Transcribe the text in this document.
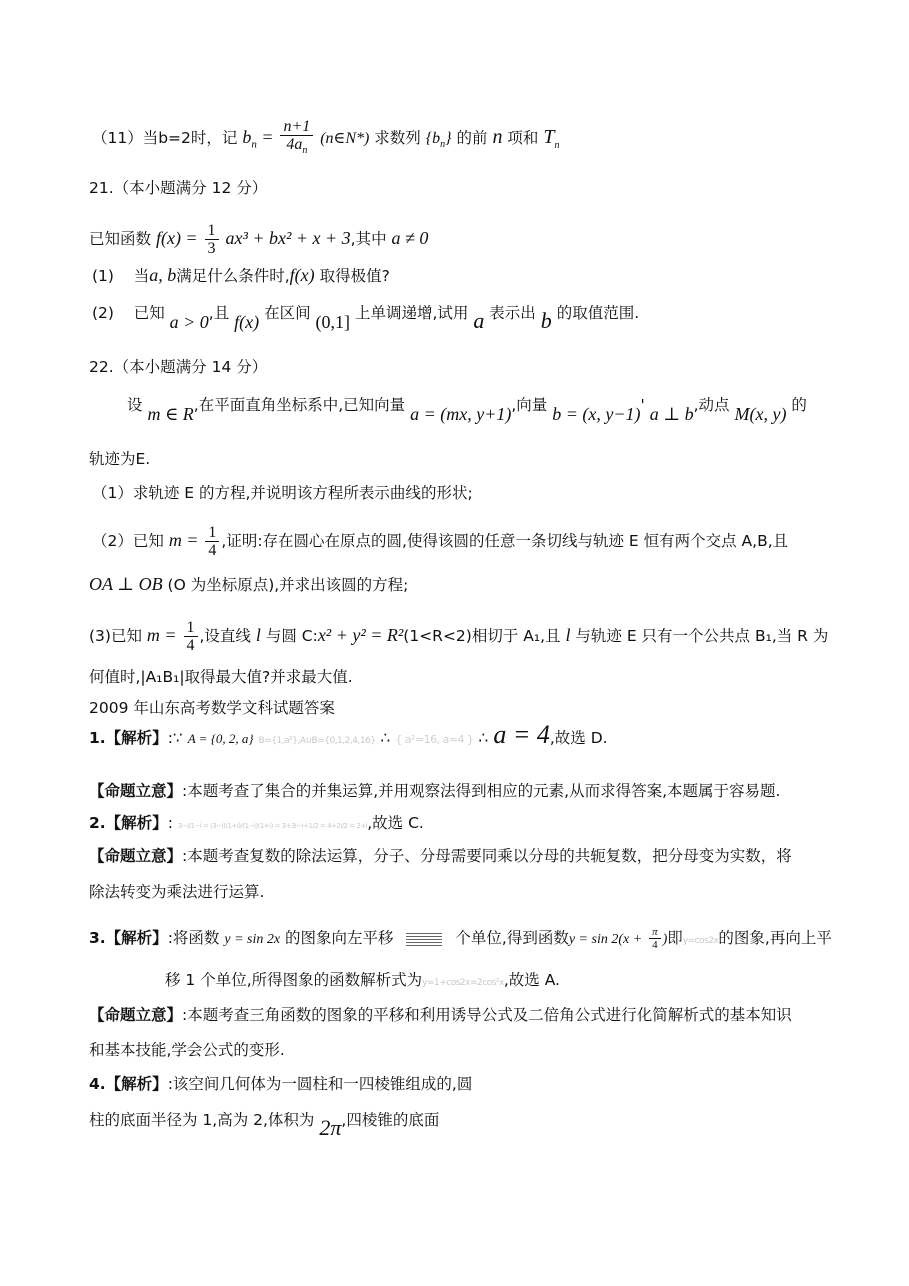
（11）当b=2时，记 $b_n = \frac{n+1}{4a_n}$ (n∈N*) 求数列 $\{b_n\}$ 的前 n 项和 $T_n$
21.（本小题满分 12 分）
已知函数 $f(x) = \frac{1}{3} ax^3 + bx^2 + x + 3$,其中 a ≠ 0
(1) 当a, b满足什么条件时,f(x) 取得极值?
(2) 已知 a > 0,且 f(x) 在区间 (0,1] 上单调递增,试用 a 表示出 b 的取值范围.
22.（本小题满分 14 分）
设 m ∈ R,在平面直角坐标系中,已知向量 a = (mx, y+1),向量 b = (x, y−1)' a ⊥ b,动点 M(x, y) 的
轨迹为E.
（1）求轨迹 E 的方程,并说明该方程所表示曲线的形状;
（2）已知 $m = \frac{1}{4}$ ,证明:存在圆心在原点的圆,使得该圆的任意一条切线与轨迹 E 恒有两个交点 A,B,且
OA ⊥ OB (O 为坐标原点),并求出该圆的方程;
(3)已知 $m = \frac{1}{4}$ ,设直线 l 与圆 C:x² + y² = R²(1<R<2)相切于 A₁,且 l 与轨迹 E 只有一个公共点 B₁,当 R 为
何值时,|A₁B₁|取得最大值?并求最大值.
2009 年山东高考数学文科试题答案
1.【解析】:∵ A = {0, 2, a} B={1,a²},A∪B={0,1,2,4,16} ∴ { a²=16, a=4 } ∴ a = 4,故选 D.
【命题立意】:本题考查了集合的并集运算,并用观察法得到相应的元素,从而求得答案,本题属于容易题.
2.【解析】: 3−i/1−i = (3−i)(1+i)/(1−i)(1+i) = 3+3i−i+1/2 = 4+2i/2 = 2+i,故选 C.
【命题立意】:本题考查复数的除法运算，分子、分母需要同乘以分母的共轭复数，把分母变为实数，将
除法转变为乘法进行运算.
3.【解析】:将函数 y = sin 2x 的图象向左平移	个单位,得到函数$y = \sin 2(x + \frac{\pi}{4}$ )即y=cos2x的图象,再向上平
移 1 个单位,所得图象的函数解析式为y=1+cos2x=2cos²x,故选 A.
【命题立意】:本题考查三角函数的图象的平移和利用诱导公式及二倍角公式进行化简解析式的基本知识
和基本技能,学会公式的变形.
4.【解析】:该空间几何体为一圆柱和一四棱锥组成的,圆
柱的底面半径为 1,高为 2,体积为 2π,四棱锥的底面
